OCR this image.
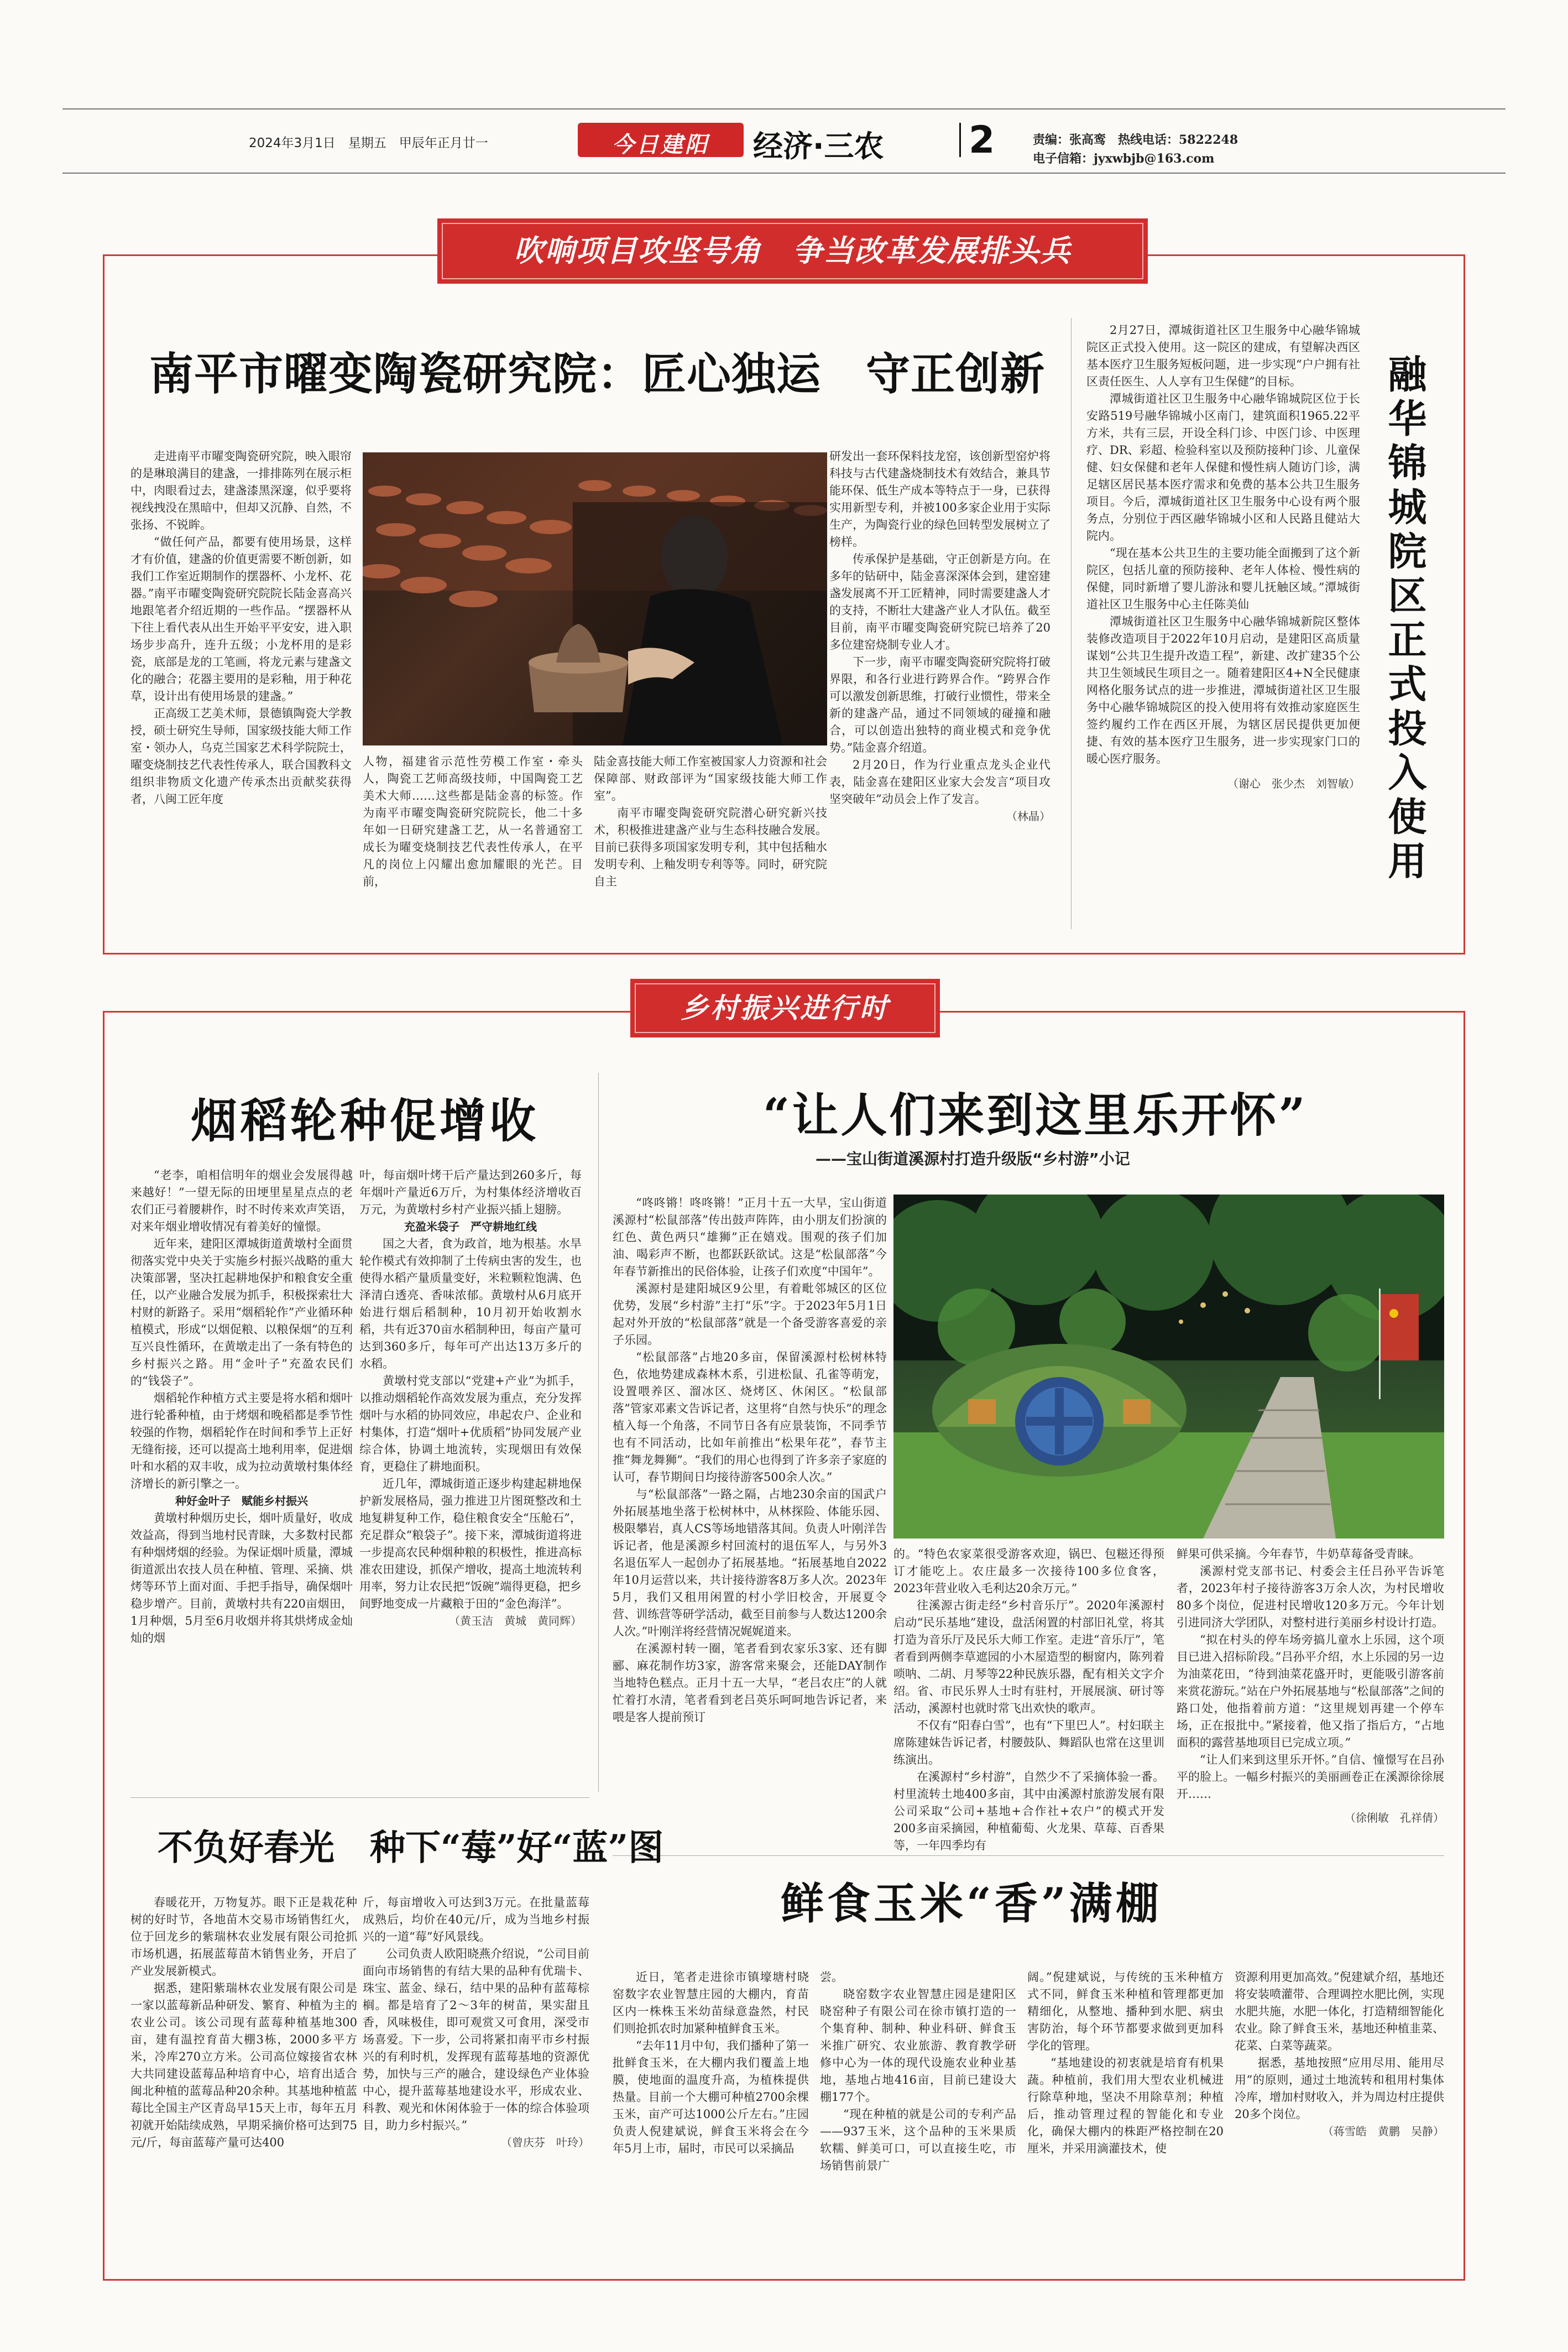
2024年3月1日　星期五　甲辰年正月廿一	今日建阳	经济·三农 2	责编：张高鸾　热线电话：5822248
电子信箱：jyxwbjb@163.com
吹响项目攻坚号角　争当改革发展排头兵
南平市曜变陶瓷研究院：匠心独运　守正创新

走进南平市曜变陶瓷研究院，映入眼帘的是琳琅满目的建盏，一排排陈列在展示柜中，肉眼看过去，建盏漆黑深邃，似乎要将视线拽没在黑暗中，但却又沉静、自然，不张扬、不锐眸。

“做任何产品，都要有使用场景，这样才有价值，建盏的价值更需要不断创新，如我们工作室近期制作的摆器杯、小龙杯、花器。”南平市曜变陶瓷研究院院长陆金喜高兴地跟笔者介绍近期的一些作品。“摆器杯从下往上看代表从出生开始平平安安，进入职场步步高升，连升五级；小龙杯用的是彩瓷，底部是龙的工笔画，将龙元素与建盏文化的融合；花器主要用的是彩釉，用于种花草，设计出有使用场景的建盏。”

正高级工艺美术师，景德镇陶瓷大学教授，硕士研究生导师，国家级技能大师工作室・领办人，乌克兰国家艺术科学院院士，曜变烧制技艺代表性传承人，联合国教科文组织非物质文化遗产传承杰出贡献奖获得者，八闽工匠年度

人物，福建省示范性劳模工作室・牵头人，陶瓷工艺师高级技师，中国陶瓷工艺美术大师……这些都是陆金喜的标签。作为南平市曜变陶瓷研究院院长，他二十多年如一日研究建盏工艺，从一名普通窑工成长为曜变烧制技艺代表性传承人，在平凡的岗位上闪耀出愈加耀眼的光芒。目前，

陆金喜技能大师工作室被国家人力资源和社会保障部、财政部评为“国家级技能大师工作室”。

南平市曜变陶瓷研究院潜心研究新兴技术，积极推进建盏产业与生态科技融合发展。目前已获得多项国家发明专利，其中包括釉水发明专利、上釉发明专利等等。同时，研究院自主

研发出一套环保料技龙窑，该创新型窑炉将科技与古代建盏烧制技术有效结合，兼具节能环保、低生产成本等特点于一身，已获得实用新型专利，并被100多家企业用于实际生产，为陶瓷行业的绿色回转型发展树立了榜样。

传承保护是基础，守正创新是方向。在多年的钻研中，陆金喜深深体会到，建窑建盏发展离不开工匠精神，同时需要建盏人才的支持，不断壮大建盏产业人才队伍。截至目前，南平市曜变陶瓷研究院已培养了20多位建窑烧制专业人才。

下一步，南平市曜变陶瓷研究院将打破界限，和各行业进行跨界合作。“跨界合作可以激发创新思维，打破行业惯性，带来全新的建盏产品，通过不同领域的碰撞和融合，可以创造出独特的商业模式和竞争优势。”陆金喜介绍道。

2月20日，作为行业重点龙头企业代表，陆金喜在建阳区业家大会发言“项目攻坚突破年”动员会上作了发言。

（林晶）

2月27日，潭城街道社区卫生服务中心融华锦城院区正式投入使用。这一院区的建成，有望解决西区基本医疗卫生服务短板问题，进一步实现“户户拥有社区责任医生、人人享有卫生保健”的目标。

潭城街道社区卫生服务中心融华锦城院区位于长安路519号融华锦城小区南门，建筑面积1965.22平方米，共有三层，开设全科门诊、中医门诊、中医理疗、DR、彩超、检验科室以及预防接种门诊、儿童保健、妇女保健和老年人保健和慢性病人随访门诊，满足辖区居民基本医疗需求和免费的基本公共卫生服务项目。今后，潭城街道社区卫生服务中心设有两个服务点，分别位于西区融华锦城小区和人民路且健站大院内。

“现在基本公共卫生的主要功能全面搬到了这个新院区，包括儿童的预防接种、老年人体检、慢性病的保健，同时新增了婴儿游泳和婴儿抚触区域。”潭城街道社区卫生服务中心主任陈美仙

潭城街道社区卫生服务中心融华锦城新院区整体装修改造项目于2022年10月启动，是建阳区高质量谋划“公共卫生提升改造工程”，新建、改扩建35个公共卫生领域民生项目之一。随着建阳区4+N全民健康网格化服务试点的进一步推进，潭城街道社区卫生服务中心融华锦城院区的投入使用将有效推动家庭医生签约履约工作在西区开展，为辖区居民提供更加便捷、有效的基本医疗卫生服务，进一步实现家门口的暖心医疗服务。

（谢心　张少杰　刘智敏） 融华锦城院区正式投入使用
乡村振兴进行时
烟稻轮种促增收

“老李，咱相信明年的烟业会发展得越来越好！”一望无际的田埂里星星点点的老农们正弓着腰耕作，时不时传来欢声笑语，对来年烟业增收情况有着美好的憧憬。

近年来，建阳区潭城街道黄墩村全面贯彻落实党中央关于实施乡村振兴战略的重大决策部署，坚决扛起耕地保护和粮食安全重任，以产业融合发展为抓手，积极探索壮大村财的新路子。采用“烟稻轮作”产业循环种植模式，形成“以烟促粮、以粮保烟”的互利互兴良性循环，在黄墩走出了一条有特色的乡村振兴之路。用“金叶子”充盈农民们的“钱袋子”。

烟稻轮作种植方式主要是将水稻和烟叶进行轮番种植，由于烤烟和晚稻都是季节性较强的作物，烟稻轮作在时间和季节上正好无缝衔接，还可以提高土地利用率，促进烟叶和水稻的双丰收，成为拉动黄墩村集体经济增长的新引擎之一。

种好金叶子　赋能乡村振兴

黄墩村种烟历史长，烟叶质量好，收成效益高，得到当地村民青睐，大多数村民都有种烟烤烟的经验。为保证烟叶质量，潭城街道派出农技人员在种植、管理、采摘、烘烤等环节上面对面、手把手指导，确保烟叶稳步增产。目前，黄墩村共有220亩烟田，1月种烟，5月至6月收烟并将其烘烤成金灿灿的烟

叶，每亩烟叶烤干后产量达到260多斤，每年烟叶产量近6万斤，为村集体经济增收百万元，为黄墩村乡村产业振兴插上翅膀。

充盈米袋子　严守耕地红线

国之大者，食为政首，地为根基。水旱轮作模式有效抑制了土传病虫害的发生，也使得水稻产量质量变好，米粒颗粒饱满、色泽清白透亮、香味浓郁。黄墩村从6月底开始进行烟后稻制种，10月初开始收割水稻，共有近370亩水稻制种田，每亩产量可达到360多斤，每年可产出达13万多斤的水稻。

黄墩村党支部以“党建+产业”为抓手，以推动烟稻轮作高效发展为重点，充分发挥烟叶与水稻的协同效应，串起农户、企业和村集体，打造“烟叶+优质稻”协同发展产业综合体，协调土地流转，实现烟田有效保育，更稳住了耕地面积。

近几年，潭城街道正逐步构建起耕地保护新发展格局，强力推进卫片图斑整改和土地复耕复种工作，稳住粮食安全“压舱石”，充足群众“粮袋子”。接下来，潭城街道将进一步提高农民种烟种粮的积极性，推进高标准农田建设，抓保产增收，提高土地流转利用率，努力让农民把“饭碗”端得更稳，把乡间野地变成一片藏粮于田的“金色海洋”。

（黄玉洁　黄城　黄同辉）
“让人们来到这里乐开怀”
——宝山街道溪源村打造升级版“乡村游”小记

“咚咚锵！咚咚锵！”正月十五一大早，宝山街道溪源村“松鼠部落”传出鼓声阵阵，由小朋友们扮演的红色、黄色两只“雄狮”正在嬉戏。围观的孩子们加油、喝彩声不断，也都跃跃欲试。这是“松鼠部落”今年春节新推出的民俗体验，让孩子们欢度“中国年”。

溪源村是建阳城区9公里，有着毗邻城区的区位优势，发展“乡村游”主打“乐”字。于2023年5月1日起对外开放的“松鼠部落”就是一个备受游客喜爱的亲子乐园。

“松鼠部落”占地20多亩，保留溪源村松树林特色，依地势建成森林木系，引进松鼠、孔雀等萌宠，设置喂养区、溜冰区、烧烤区、休闲区。“松鼠部落”管家邓素文告诉记者，这里将“自然与快乐”的理念植入每一个角落，不同节日各有应景装饰，不同季节也有不同活动，比如年前推出“松果年花”，春节主推“舞龙舞狮”。“我们的用心也得到了许多亲子家庭的认可，春节期间日均接待游客500余人次。”

与“松鼠部落”一路之隔，占地230余亩的国武户外拓展基地坐落于松树林中，从林探险、体能乐园、极限攀岩，真人CS等场地错落其间。负责人叶刚洋告诉记者，他是溪源乡村回流村的退伍军人，与另外3名退伍军人一起创办了拓展基地。“拓展基地自2022年10月运营以来，共计接待游客8万多人次。2023年5月，我们又租用闲置的村小学旧校舍，开展夏令营、训练营等研学活动，截至目前参与人数达1200余人次。”叶刚洋将经营情况娓娓道来。

在溪源村转一圈，笔者看到农家乐3家、还有脚郦、麻花制作坊3家，游客常来聚会，还能DAY制作当地特色糕点。正月十五一大早，“老吕农庄”的人就忙着打水清，笔者看到老吕英乐呵呵地告诉记者，来喂是客人提前预订

的。“特色农家菜很受游客欢迎，锅巴、包糍还得预订才能吃上。农庄最多一次接待100多位食客，2023年营业收入毛利达20余万元。”

往溪源古街走经“乡村音乐厅”。2020年溪源村启动“民乐基地”建设，盘活闲置的村部旧礼堂，将其打造为音乐厅及民乐大师工作室。走进“音乐厅”，笔者看到两侧李草遮园的小木屋造型的橱窗内，陈列着唢呐、二胡、月琴等22种民族乐器，配有相关文字介绍。省、市民乐界人士时有驻村，开展展演、研讨等活动，溪源村也就时常飞出欢快的歌声。

不仅有“阳春白雪”，也有“下里巴人”。村妇联主席陈建妹告诉记者，村腰鼓队、舞蹈队也常在这里训练演出。

在溪源村“乡村游”，自然少不了采摘体验一番。村里流转土地400多亩，其中由溪源村旅游发展有限公司采取“公司+基地+合作社+农户”的模式开发200多亩采摘园，种植葡萄、火龙果、草莓、百香果等，一年四季均有

鲜果可供采摘。今年春节，牛奶草莓备受青睐。

溪源村党支部书记、村委会主任吕孙平告诉笔者，2023年村子接待游客3万余人次，为村民增收80多个岗位，促进村民增收120多万元。今年计划引进同济大学团队，对整村进行美丽乡村设计打造。

“拟在村头的停车场旁搞儿童水上乐园，这个项目已进入招标阶段。”吕孙平介绍，水上乐园的另一边为油菜花田，“待到油菜花盛开时，更能吸引游客前来赏花游玩。”站在户外拓展基地与“松鼠部落”之间的路口处，他指着前方道：“这里规划再建一个停车场，正在报批中。”紧接着，他又指了指后方，“占地面积的露营基地项目已完成立项。”

“让人们来到这里乐开怀。”自信、憧憬写在吕孙平的脸上。一幅乡村振兴的美丽画卷正在溪源徐徐展开……

（徐俐敏　孔祥倩）
不负好春光　种下“莓”好“蓝”图

春暖花开，万物复苏。眼下正是栽花种树的好时节，各地苗木交易市场销售红火，位于回龙乡的紫瑞林农业发展有限公司抢抓市场机遇，拓展蓝莓苗木销售业务，开启了产业发展新模式。

据悉，建阳紫瑞林农业发展有限公司是一家以蓝莓新品种研发、繁育、种植为主的农业公司。该公司现有蓝莓种植基地300亩，建有温控育苗大棚3栋，2000多平方米，冷库270立方米。公司高位嫁接省农林大共同建设蓝莓品种培育中心，培育出适合闽北种植的蓝莓品种20余种。其基地种植蓝莓比全国主产区青岛早15天上市，每年五月初就开始陆续成熟，早期采摘价格可达到75元/斤，每亩蓝莓产量可达400

斤，每亩增收入可达到3万元。在批量蓝莓成熟后，均价在40元/斤，成为当地乡村振兴的一道“莓”好风景线。

公司负责人欧阳晓燕介绍说，“公司目前面向市场销售的有结大果的品种有优瑞卡、珠宝、蓝金、绿石，结中果的品种有蓝莓棕榈。都是培育了2～3年的树苗，果实甜且香，风味极佳，即可观赏又可食用，深受市场喜爱。下一步，公司将紧扣南平市乡村振兴的有利时机，发挥现有蓝莓基地的资源优势，加快与三产的融合，建设绿色产业体验中心，提升蓝莓基地建设水平，形成农业、科教、观光和休闲体验于一体的综合体验项目，助力乡村振兴。”

（曾庆芬　叶玲）
鲜食玉米“香”满棚

近日，笔者走进徐市镇壕塘村晓窑数字农业智慧庄园的大棚内，育苗区内一株株玉米幼苗绿意盎然，村民们则抢抓农时加紧种植鲜食玉米。

“去年11月中旬，我们播种了第一批鲜食玉米，在大棚内我们覆盖上地膜，使地面的温度升高，为植株提供热量。目前一个大棚可种植2700余棵玉米，亩产可达1000公斤左右。”庄园负责人倪建斌说，鲜食玉米将会在今年5月上市，届时，市民可以采摘品

尝。

晓窑数字农业智慧庄园是建阳区晓窑种子有限公司在徐市镇打造的一个集育种、制种、种业科研、鲜食玉米推广研究、农业旅游、教育教学研修中心为一体的现代设施农业种业基地，基地占地416亩，目前已建设大棚177个。

“现在种植的就是公司的专利产品——937玉米，这个品种的玉米果质软糯、鲜美可口，可以直接生吃，市场销售前景广

阔。”倪建斌说，与传统的玉米种植方式不同，鲜食玉米种植和管理都更加精细化，从整地、播种到水肥、病虫害防治，每个环节都要求做到更加科学化的管理。

“基地建设的初衷就是培育有机果蔬。种植前，我们用大型农业机械进行除草种地，坚决不用除草剂；种植后，推动管理过程的智能化和专业化，确保大棚内的株距严格控制在20厘米，并采用滴灌技术，使

资源利用更加高效。”倪建斌介绍，基地还将安装喷灌带、合理调控水肥比例，实现水肥共施，水肥一体化，打造精细智能化农业。除了鲜食玉米，基地还种植韭菜、花菜、白菜等蔬菜。

据悉，基地按照“应用尽用、能用尽用”的原则，通过土地流转和租用村集体冷库，增加村财收入，并为周边村庄提供20多个岗位。

（蒋雪皓　黄鹏　吴静）
